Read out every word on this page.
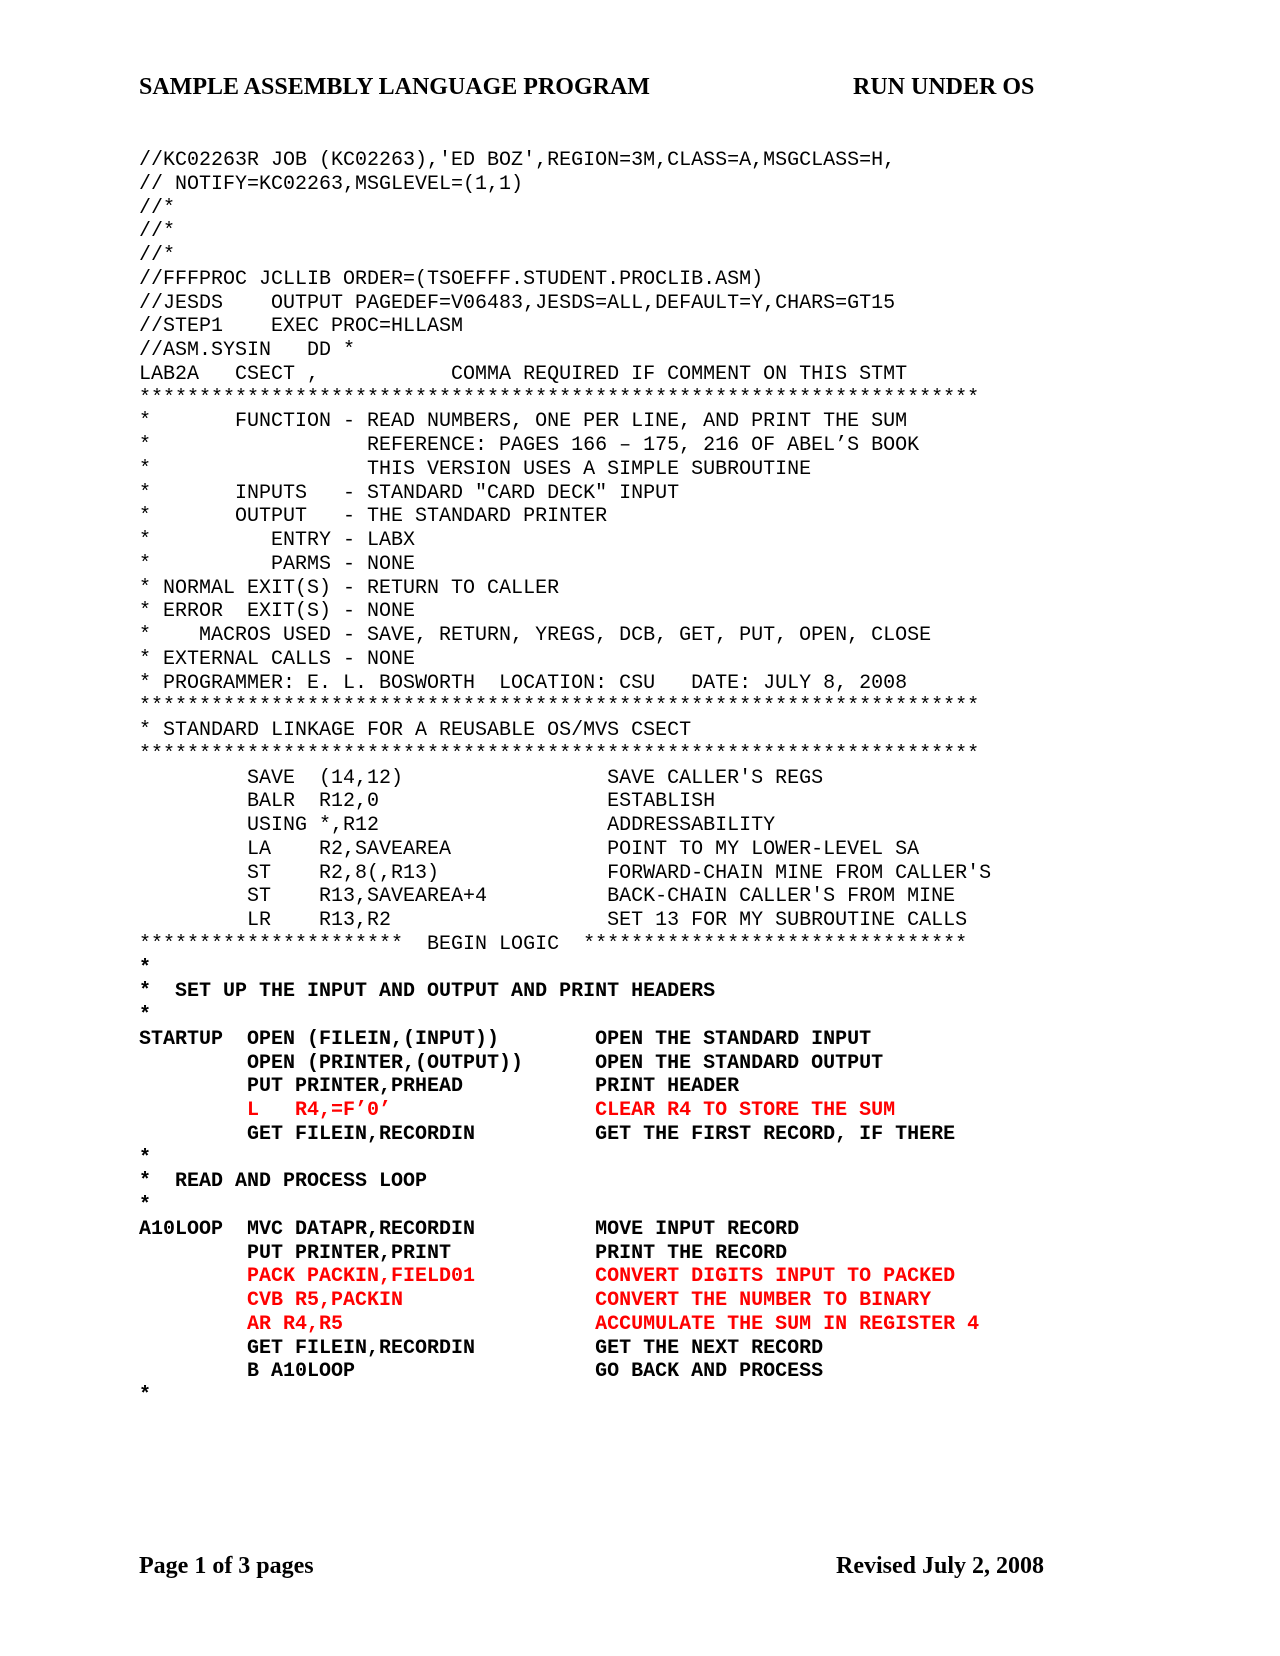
SAMPLE ASSEMBLY LANGUAGE PROGRAM	RUN UNDER OS
//KC02263R JOB (KC02263),'ED BOZ',REGION=3M,CLASS=A,MSGCLASS=H,
// NOTIFY=KC02263,MSGLEVEL=(1,1)
//*
//*
//*
//FFFPROC JCLLIB ORDER=(TSOEFFF.STUDENT.PROCLIB.ASM)
//JESDS    OUTPUT PAGEDEF=V06483,JESDS=ALL,DEFAULT=Y,CHARS=GT15
//STEP1    EXEC PROC=HLLASM
//ASM.SYSIN   DD *
LAB2A   CSECT ,           COMMA REQUIRED IF COMMENT ON THIS STMT
**********************************************************************
*       FUNCTION - READ NUMBERS, ONE PER LINE, AND PRINT THE SUM
*                  REFERENCE: PAGES 166 – 175, 216 OF ABEL’S BOOK
*                  THIS VERSION USES A SIMPLE SUBROUTINE
*       INPUTS   - STANDARD "CARD DECK" INPUT
*       OUTPUT   - THE STANDARD PRINTER
*          ENTRY - LABX
*          PARMS - NONE
* NORMAL EXIT(S) - RETURN TO CALLER
* ERROR  EXIT(S) - NONE
*    MACROS USED - SAVE, RETURN, YREGS, DCB, GET, PUT, OPEN, CLOSE
* EXTERNAL CALLS - NONE
* PROGRAMMER: E. L. BOSWORTH  LOCATION: CSU   DATE: JULY 8, 2008
**********************************************************************
* STANDARD LINKAGE FOR A REUSABLE OS/MVS CSECT
**********************************************************************
SAVE  (14,12)                 SAVE CALLER'S REGS
BALR  R12,0                   ESTABLISH
USING *,R12                   ADDRESSABILITY
LA    R2,SAVEAREA             POINT TO MY LOWER-LEVEL SA
ST    R2,8(,R13)              FORWARD-CHAIN MINE FROM CALLER'S
ST    R13,SAVEAREA+4          BACK-CHAIN CALLER'S FROM MINE
LR    R13,R2                  SET 13 FOR MY SUBROUTINE CALLS
**********************  BEGIN LOGIC  ********************************
*
*  SET UP THE INPUT AND OUTPUT AND PRINT HEADERS
*
STARTUP  OPEN (FILEIN,(INPUT))        OPEN THE STANDARD INPUT
OPEN (PRINTER,(OUTPUT))      OPEN THE STANDARD OUTPUT
PUT PRINTER,PRHEAD           PRINT HEADER
L   R4,=F’0’                 CLEAR R4 TO STORE THE SUM
GET FILEIN,RECORDIN          GET THE FIRST RECORD, IF THERE
*
*  READ AND PROCESS LOOP
*
A10LOOP  MVC DATAPR,RECORDIN          MOVE INPUT RECORD
PUT PRINTER,PRINT            PRINT THE RECORD
PACK PACKIN,FIELD01          CONVERT DIGITS INPUT TO PACKED
CVB R5,PACKIN                CONVERT THE NUMBER TO BINARY
AR R4,R5                     ACCUMULATE THE SUM IN REGISTER 4
GET FILEIN,RECORDIN          GET THE NEXT RECORD
B A10LOOP                    GO BACK AND PROCESS
*
Page 1 of 3 pages	Revised July 2, 2008
